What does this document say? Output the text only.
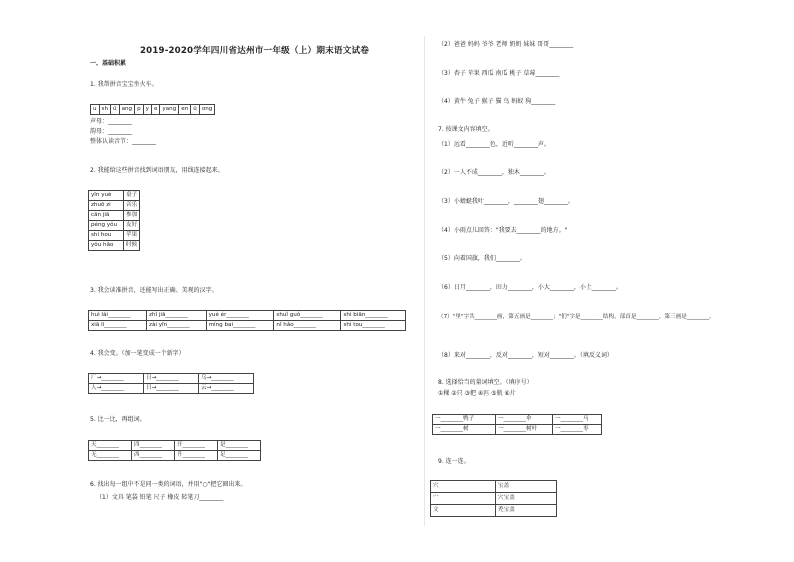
2019-2020学年四川省达州市一年级（上）期末语文试卷
一、基础积累
1. 我帮拼音宝宝坐火车。
u	sh	ü	ang	p	y	e	yang	en	ü	ong
声母：________
韵母：________
整体认读音节：________
2. 我能给这些拼音找到词语朋友，用线连接起来。
yīn yuè	桌子
zhuō zi	音乐
cān jiā	参加
péng yǒu	友好
shí hou	苹果
yǒu hǎo	时候
3. 我会读准拼音，还能写出正确、美观的汉字。
huì lái________	zhǐ jiā________	yuè ér________	shuǐ guǒ________	shì biān________
xiā li________	zài yīn________	míng bai________	nǐ hǎo________	shì tou________
4. 我会变。（加一笔变成一个新字）
厂→________	日→________	乌→________
人→________	日→________	云→________
5. 比一比，再组词。
天________	四________	开________	是________
无________	西________	升________	足________
6. 找出每一组中不是同一类的词语，并用"○"把它圈出来。
（1）文具 笔袋 铅笔 尺子 橡皮 转笔刀________
（2）爸爸 妈妈 爷爷 老师 奶奶 妹妹 哥哥________
（3）杏子 苹果 西瓜 南瓜 桃子 草莓________
（4）黄牛 兔子 猴子 猫 鸟 蚂蚁 狗________
7. 按课文内容填空。
（1）远看________色，近听________声。
（2）一人不成________，独木________。
（3）小蜻蜓我叶________，________翅________。
（4）小雨点儿回答："我要去________的地方。"
（5）向着国旗，我们________。
（6）日月________，田力________，小大________，小土________。
（7）"里"字共________画，第五画是________；"们"字是________结构，部首是________，第三画是________。
（8）来对________，反对________，短对________。（填反义词）
8. 选择恰当的量词填空。（填序号）
①棵 ②只 ③把 ④匹 ⑤瓶 ⑥片
一________鸭子	一________伞	一________马
一________树	一________树叶	一________枣
9. 连一连。
穴	宝盖
宀	穴宝盖
文	秃宝盖
